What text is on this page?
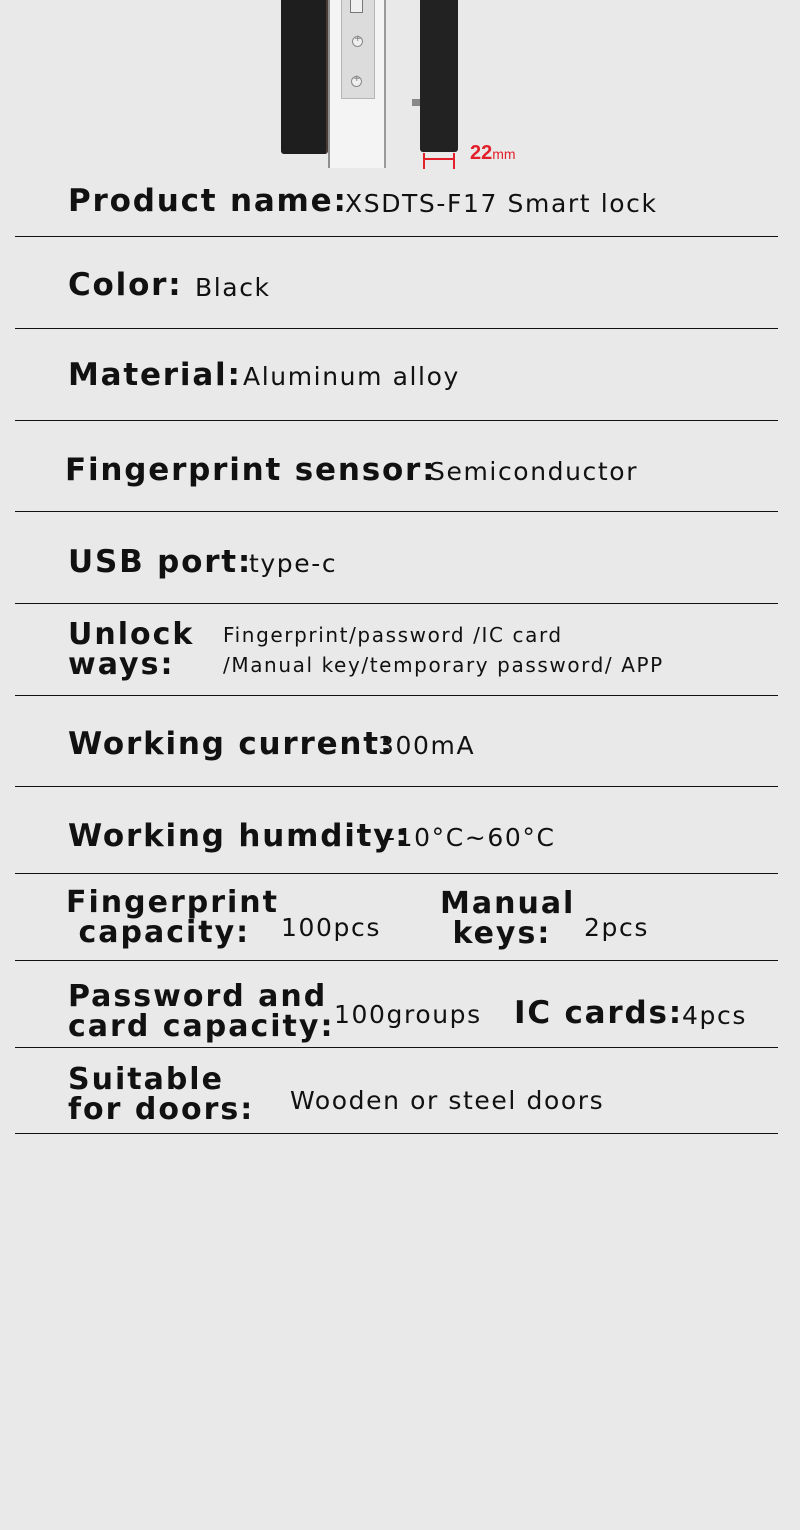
+
+
22mm
Product name:
XSDTS-F17 Smart lock
Color: Black
Material: Aluminum alloy
Fingerprint sensor:
Semiconductor
USB port:
type-c
Unlock
ways:
Fingerprint/password /IC card
/Manual key/temporary password/ APP
Working current:
300mA
Working humdity:
-10°C~60°C
Fingerprint
capacity: 100pcs
Manual
keys: 2pcs
Password and
card capacity: 100groups IC cards: 4pcs
Suitable
for doors: Wooden or steel doors
